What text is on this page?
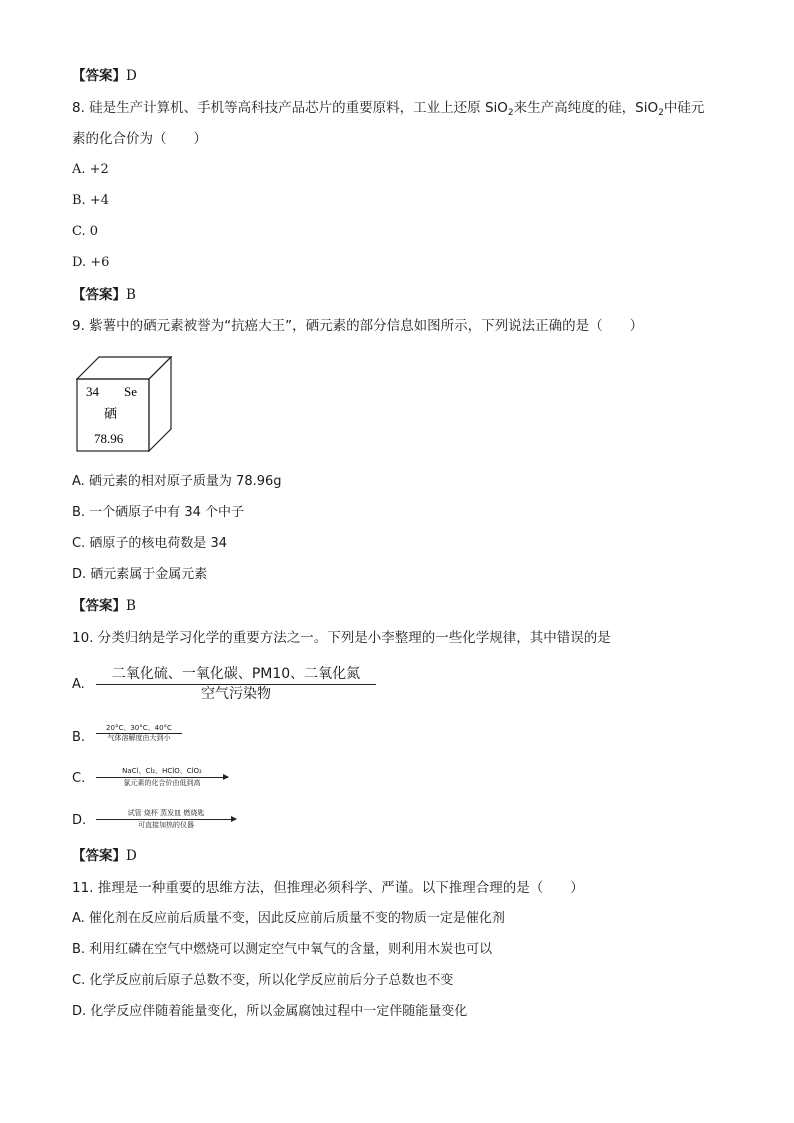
【答案】D
8. 硅是生产计算机、手机等高科技产品芯片的重要原料，工业上还原 SiO$_2$来生产高纯度的硅，SiO$_2$中硅元
素的化合价为（　　）
A. +2
B. +4
C. 0
D. +6
【答案】B
9. 紫薯中的硒元素被誉为“抗癌大王”，硒元素的部分信息如图所示，下列说法正确的是（　　）
34 Se
硒
78.96
A. 硒元素的相对原子质量为 78.96g
B. 一个硒原子中有 34 个中子
C. 硒原子的核电荷数是 34
D. 硒元素属于金属元素
【答案】B
10. 分类归纳是学习化学的重要方法之一。下列是小李整理的一些化学规律，其中错误的是
A.
二氧化硫、一氧化碳、PM10、二氧化氮
空气污染物
B.
20°C、30°C、40°C
气体溶解度由大到小
C.	NaCl、Cl₂、HClO、ClO₂
氯元素的化合价由低到高
D.	试管 烧杯 蒸发皿 燃烧匙
可直接加热的仪器
【答案】D
11. 推理是一种重要的思维方法，但推理必须科学、严谨。以下推理合理的是（　　）
A. 催化剂在反应前后质量不变，因此反应前后质量不变的物质一定是催化剂
B. 利用红磷在空气中燃烧可以测定空气中氧气的含量，则利用木炭也可以
C. 化学反应前后原子总数不变，所以化学反应前后分子总数也不变
D. 化学反应伴随着能量变化，所以金属腐蚀过程中一定伴随能量变化
